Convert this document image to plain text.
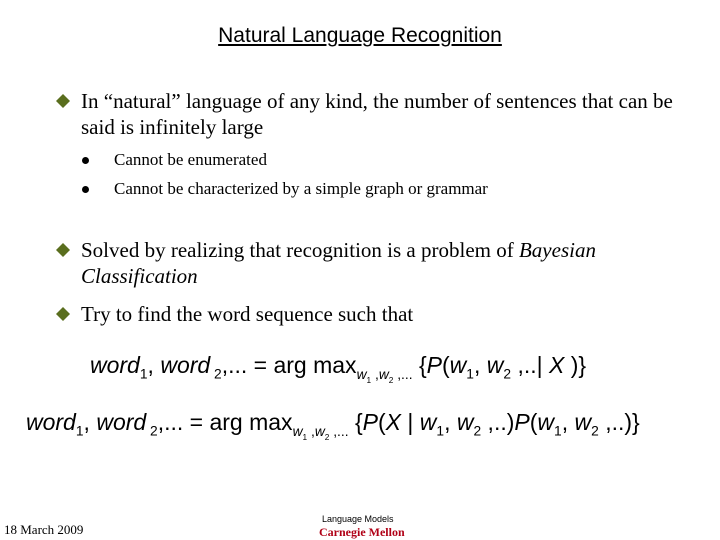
Natural Language Recognition
In “natural” language of any kind, the number of sentences that can be said is infinitely large
Cannot be enumerated
Cannot be characterized by a simple graph or grammar
Solved by realizing that recognition is a problem of Bayesian Classification
Try to find the word sequence such that
word$_1$, word $_2$,... = arg $\max_{w_1 ,w_2 ,...} \{P(w_1$, $w_2$ ,..| X )}
word$_1$, word $_2$,... = arg $\max_{w_1 ,w_2 ,...} \{P(X$ | $w_1$, $w_2$ $,..)P(w_1$, $w_2$ ,..)}
18 March 2009
Language Models
Carnegie Mellon
